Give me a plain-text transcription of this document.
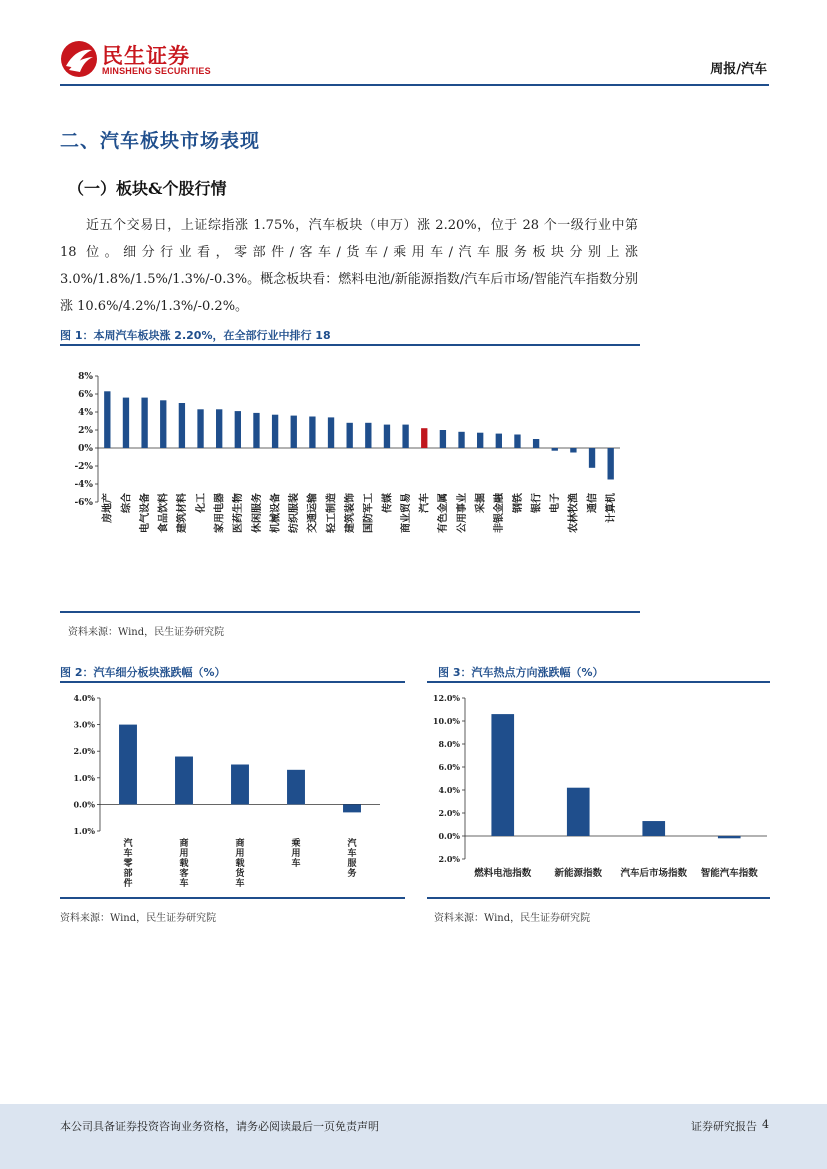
民生证券
MINSHENG SECURITIES	周报/汽车
二、汽车板块市场表现
（一）板块&个股行情
近五个交易日，上证综指涨 1.75%，汽车板块（申万）涨 2.20%，位于 28 个一级行业中第 18 位。细分行业看，零部件/客车/货车/乘用车/汽车服务板块分别上涨 3.0%/1.8%/1.5%/1.3%/-0.3%。概念板块看：燃料电池/新能源指数/汽车后市场/智能汽车指数分别涨 10.6%/4.2%/1.3%/-0.2%。
图 1：本周汽车板块涨 2.20%，在全部行业中排行 18
8%
6%
4%
2%
0%
-2%
-4%
-6% 房地产 综合 电气设备 食品饮料 建筑材料 化工 家用电器 医药生物 休闲服务 机械设备 纺织服装 交通运输 轻工制造 建筑装饰 国防军工 传媒 商业贸易 汽车 有色金属 公用事业 采掘 非银金融 钢铁 银行 电子 农林牧渔 通信 计算机
资料来源：Wind，民生证券研究院
图 2：汽车细分板块涨跌幅（%）
4.0%
3.0%
2.0%
1.0%
0.0%
1.0%
汽车零部件
商用载客车
商用载货车
乘用车
汽车服务
资料来源：Wind，民生证券研究院
图 3：汽车热点方向涨跌幅（%）
12.0%
10.0%
8.0%
6.0%
4.0%
2.0%
0.0%
2.0%
燃料电池指数 新能源指数 汽车后市场指数 智能汽车指数
资料来源：Wind，民生证券研究院
本公司具备证券投资咨询业务资格，请务必阅读最后一页免责声明	证券研究报告 4
